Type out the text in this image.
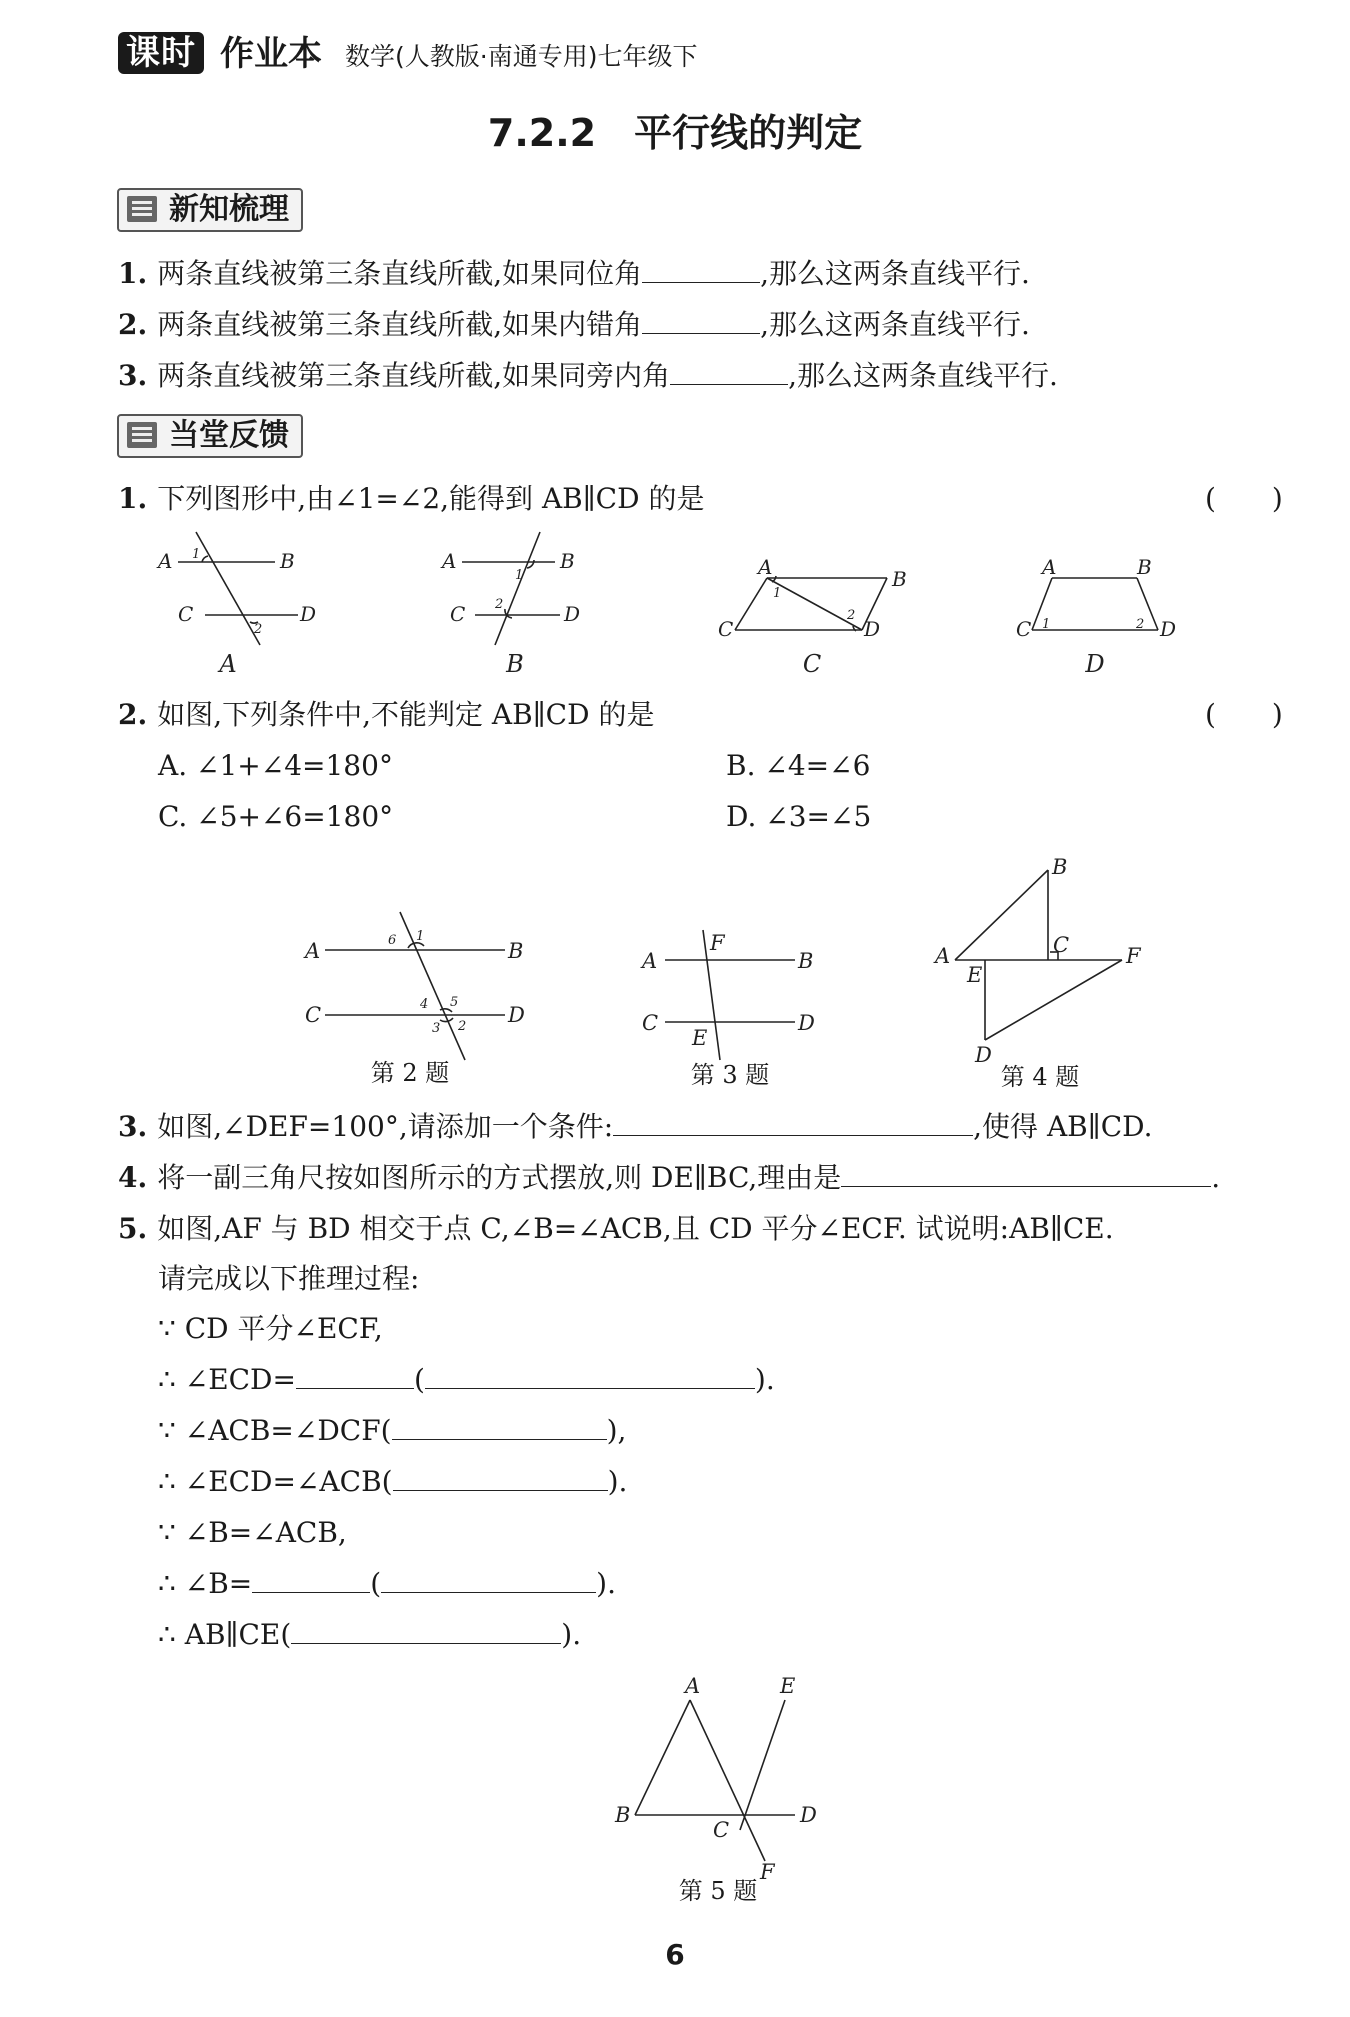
课时 作业本 数学(人教版·南通专用)七年级下
7.2.2　平行线的判定
新知梳理
1. 两条直线被第三条直线所截,如果同位角	,那么这两条直线平行.
2. 两条直线被第三条直线所截,如果内错角	,那么这两条直线平行.
3. 两条直线被第三条直线所截,如果同旁内角	,那么这两条直线平行.
当堂反馈
1. 下列图形中,由∠1=∠2,能得到 AB∥CD 的是	(　　)
A	B
C	D
A	B
C	D
A	B
C	D
A	B
C	D
1
2
1
2
1
2
1	2
A	B	C	D
2. 如图,下列条件中,不能判定 AB∥CD 的是	(　　)
A. ∠1+∠4=180°	B. ∠4=∠6
C. ∠5+∠6=180°	D. ∠3=∠5
A	B
C	D
A	B
F
C	D
E
B
A	C	F
E
D
6 1
4 5
3 2
第 2 题	第 3 题	第 4 题
3. 如图,∠DEF=100°,请添加一个条件:	,使得 AB∥CD.
4. 将一副三角尺按如图所示的方式摆放,则 DE∥BC,理由是	.
5. 如图,AF 与 BD 相交于点 C,∠B=∠ACB,且 CD 平分∠ECF. 试说明:AB∥CE.
请完成以下推理过程:
∵ CD 平分∠ECF,
∴ ∠ECD=	(	).
∵ ∠ACB=∠DCF(	),
∴ ∠ECD=∠ACB(	).
∵ ∠B=∠ACB,
∴ ∠B=	(	).
∴ AB∥CE(	).
A	E
B
C
D
F
第 5 题
6
